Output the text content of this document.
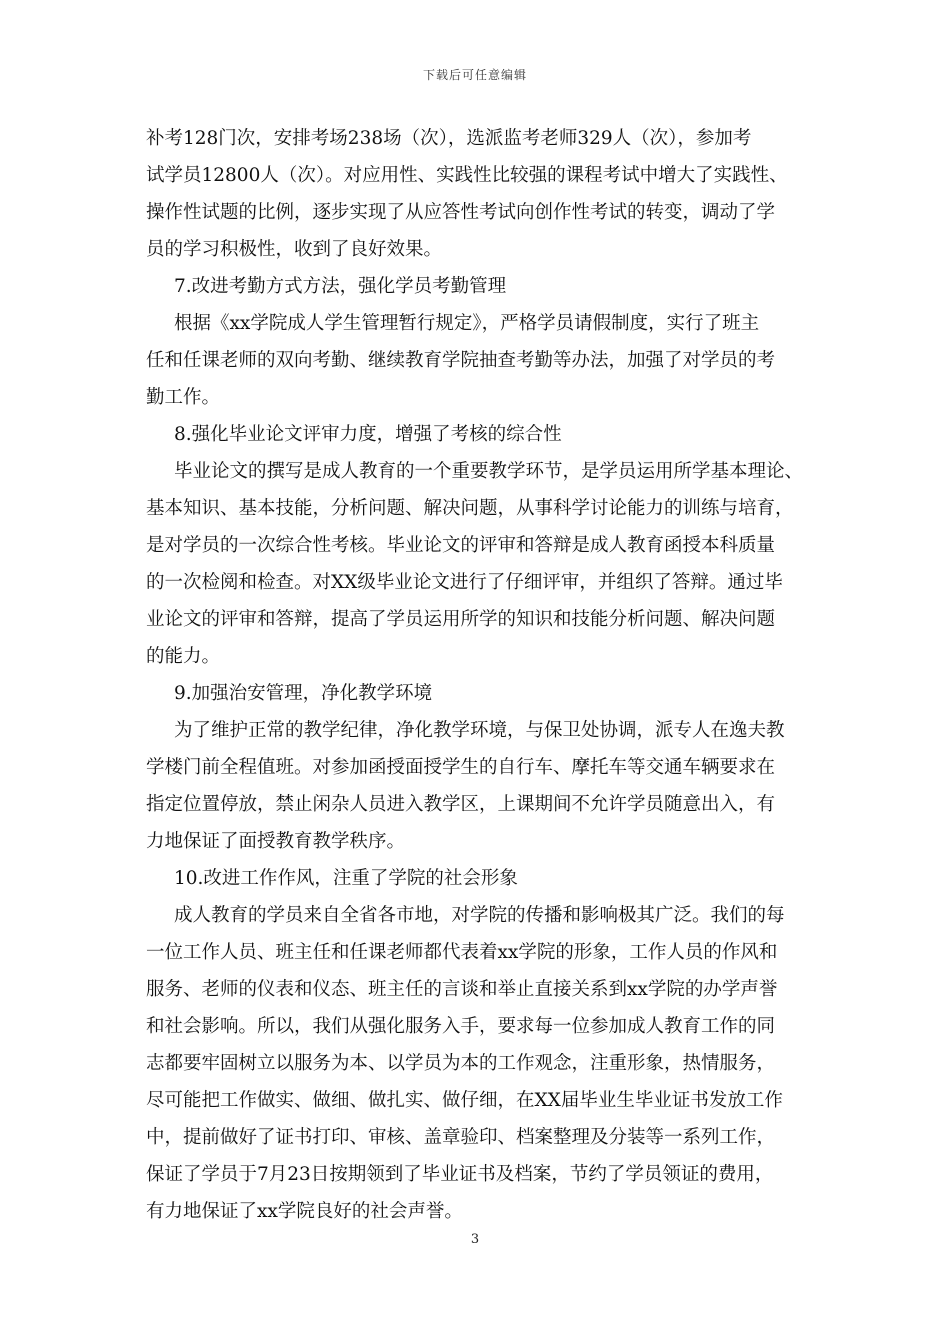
下载后可任意编辑
补考128门次，安排考场238场（次），选派监考老师329人（次），参加考
试学员12800人（次）。对应用性、实践性比较强的课程考试中增大了实践性、
操作性试题的比例，逐步实现了从应答性考试向创作性考试的转变，调动了学
员的学习积极性，收到了良好效果。
7.改进考勤方式方法，强化学员考勤管理
根据《xx学院成人学生管理暂行规定》，严格学员请假制度，实行了班主
任和任课老师的双向考勤、继续教育学院抽查考勤等办法，加强了对学员的考
勤工作。
8.强化毕业论文评审力度，增强了考核的综合性
毕业论文的撰写是成人教育的一个重要教学环节，是学员运用所学基本理论、
基本知识、基本技能，分析问题、解决问题，从事科学讨论能力的训练与培育，
是对学员的一次综合性考核。毕业论文的评审和答辩是成人教育函授本科质量
的一次检阅和检查。对XX级毕业论文进行了仔细评审，并组织了答辩。通过毕
业论文的评审和答辩，提高了学员运用所学的知识和技能分析问题、解决问题
的能力。
9.加强治安管理，净化教学环境
为了维护正常的教学纪律，净化教学环境，与保卫处协调，派专人在逸夫教
学楼门前全程值班。对参加函授面授学生的自行车、摩托车等交通车辆要求在
指定位置停放，禁止闲杂人员进入教学区，上课期间不允许学员随意出入，有
力地保证了面授教育教学秩序。
10.改进工作作风，注重了学院的社会形象
成人教育的学员来自全省各市地，对学院的传播和影响极其广泛。我们的每
一位工作人员、班主任和任课老师都代表着xx学院的形象，工作人员的作风和
服务、老师的仪表和仪态、班主任的言谈和举止直接关系到xx学院的办学声誉
和社会影响。所以，我们从强化服务入手，要求每一位参加成人教育工作的同
志都要牢固树立以服务为本、以学员为本的工作观念，注重形象，热情服务，
尽可能把工作做实、做细、做扎实、做仔细，在XX届毕业生毕业证书发放工作
中，提前做好了证书打印、审核、盖章验印、档案整理及分装等一系列工作，
保证了学员于7月23日按期领到了毕业证书及档案，节约了学员领证的费用，
有力地保证了xx学院良好的社会声誉。
3
